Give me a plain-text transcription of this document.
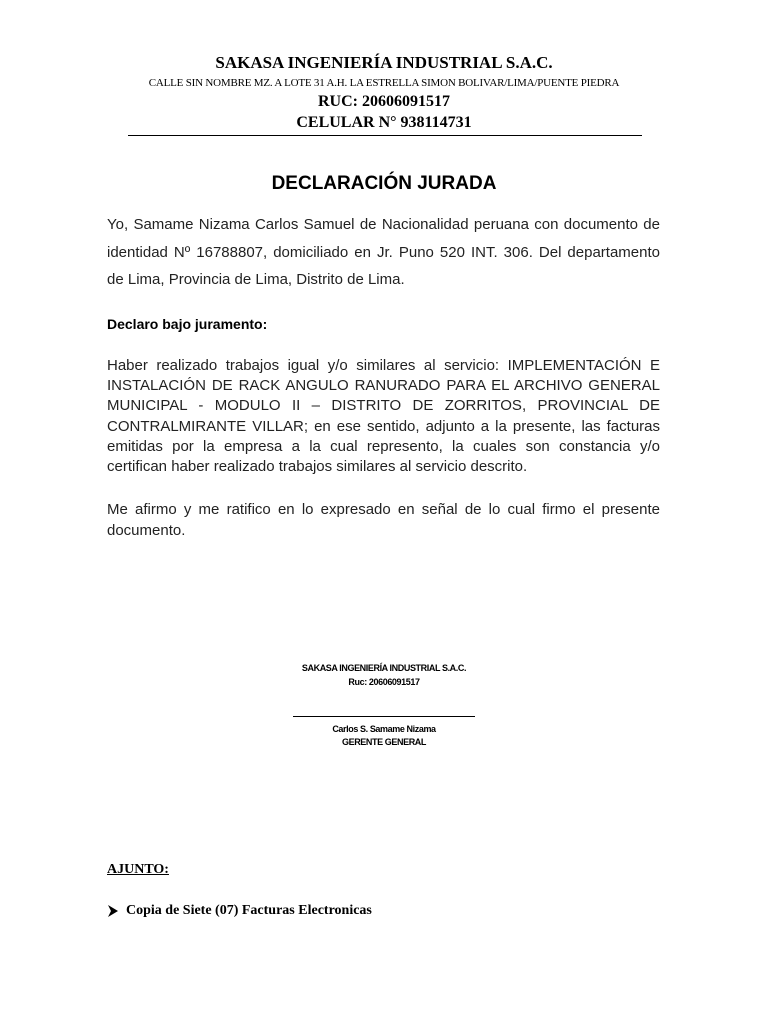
SAKASA INGENIERÍA INDUSTRIAL S.A.C.
CALLE SIN NOMBRE MZ. A LOTE 31 A.H. LA ESTRELLA SIMON BOLIVAR/LIMA/PUENTE PIEDRA
RUC: 20606091517
CELULAR N° 938114731
DECLARACIÓN JURADA
Yo, Samame Nizama Carlos Samuel de Nacionalidad peruana con documento de identidad Nº 16788807, domiciliado en Jr. Puno 520 INT. 306. Del departamento de Lima, Provincia de Lima, Distrito de Lima.
Declaro bajo juramento:
Haber realizado trabajos igual y/o similares al servicio: IMPLEMENTACIÓN E INSTALACIÓN DE RACK ANGULO RANURADO PARA EL ARCHIVO GENERAL MUNICIPAL - MODULO II – DISTRITO DE ZORRITOS, PROVINCIAL DE CONTRALMIRANTE VILLAR; en ese sentido, adjunto a la presente, las facturas emitidas por la empresa a la cual represento, la cuales son constancia y/o certifican haber realizado trabajos similares al servicio descrito.
Me afirmo y me ratifico en lo expresado en señal de lo cual firmo el presente documento.
SAKASA INGENIERÍA INDUSTRIAL S.A.C.
Ruc: 20606091517
Carlos S. Samame Nizama
GERENTE GENERAL
AJUNTO:
Copia de Siete (07) Facturas Electronicas
